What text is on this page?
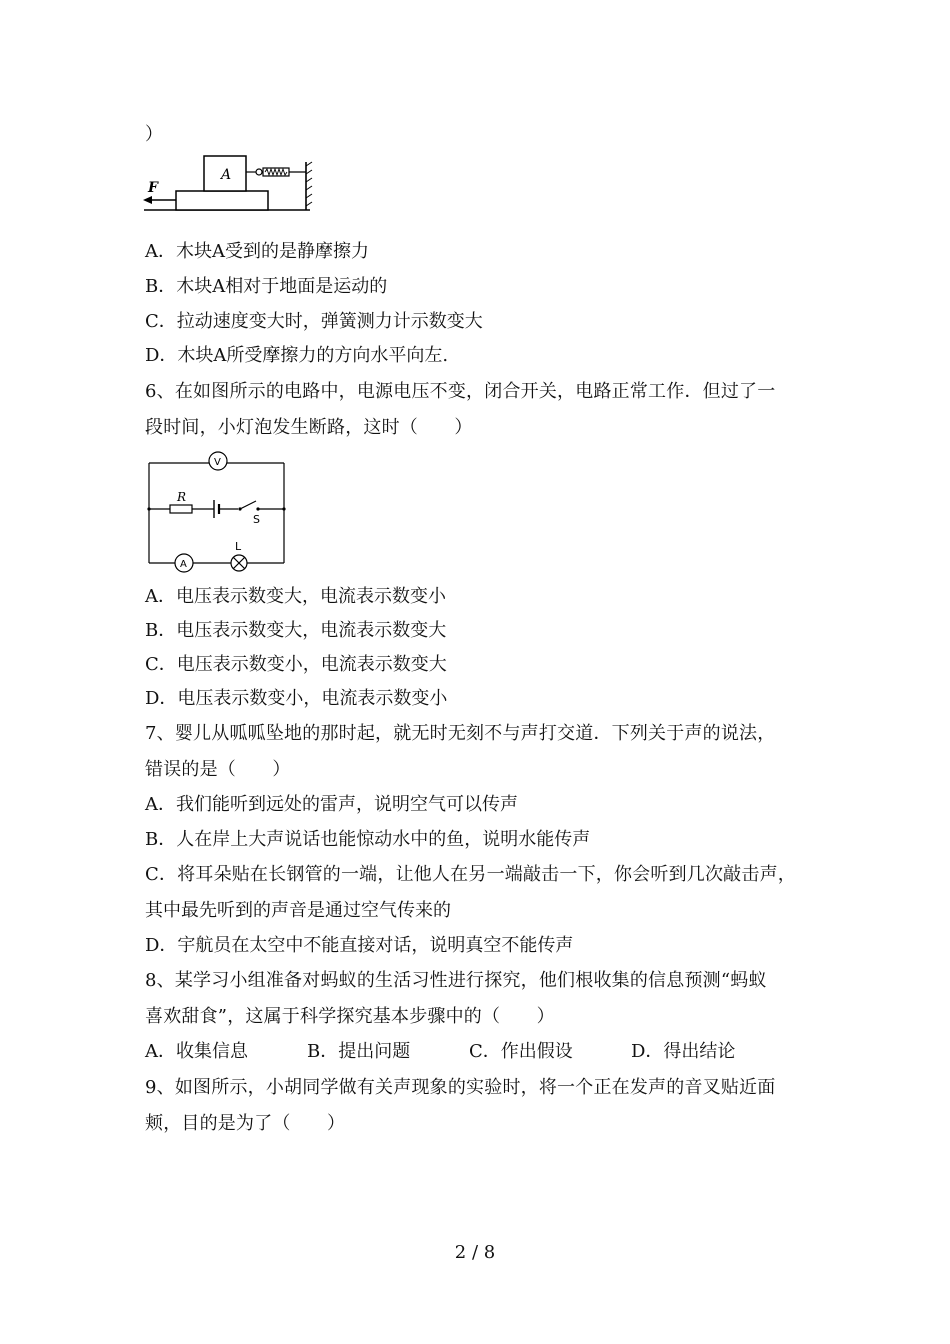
）
A
F
A．木块A受到的是静摩擦力
B．木块A相对于地面是运动的
C．拉动速度变大时，弹簧测力计示数变大
D．木块A所受摩擦力的方向水平向左.
6、在如图所示的电路中，电源电压不变，闭合开关，电路正常工作．但过了一
段时间，小灯泡发生断路，这时（　　）
V
R
S
A
L
A．电压表示数变大，电流表示数变小
B．电压表示数变大，电流表示数变大
C．电压表示数变小，电流表示数变大
D．电压表示数变小，电流表示数变小
7、婴儿从呱呱坠地的那时起，就无时无刻不与声打交道．下列关于声的说法，
错误的是（　　）
A．我们能听到远处的雷声，说明空气可以传声
B．人在岸上大声说话也能惊动水中的鱼，说明水能传声
C．将耳朵贴在长钢管的一端，让他人在另一端敲击一下，你会听到几次敲击声，
其中最先听到的声音是通过空气传来的
D．宇航员在太空中不能直接对话，说明真空不能传声
8、某学习小组准备对蚂蚁的生活习性进行探究，他们根收集的信息预测“蚂蚁
喜欢甜食”，这属于科学探究基本步骤中的（　　）
A．收集信息	B．提出问题	C．作出假设	D．得出结论
9、如图所示，小胡同学做有关声现象的实验时，将一个正在发声的音叉贴近面
颊，目的是为了（　　）
2 / 8
